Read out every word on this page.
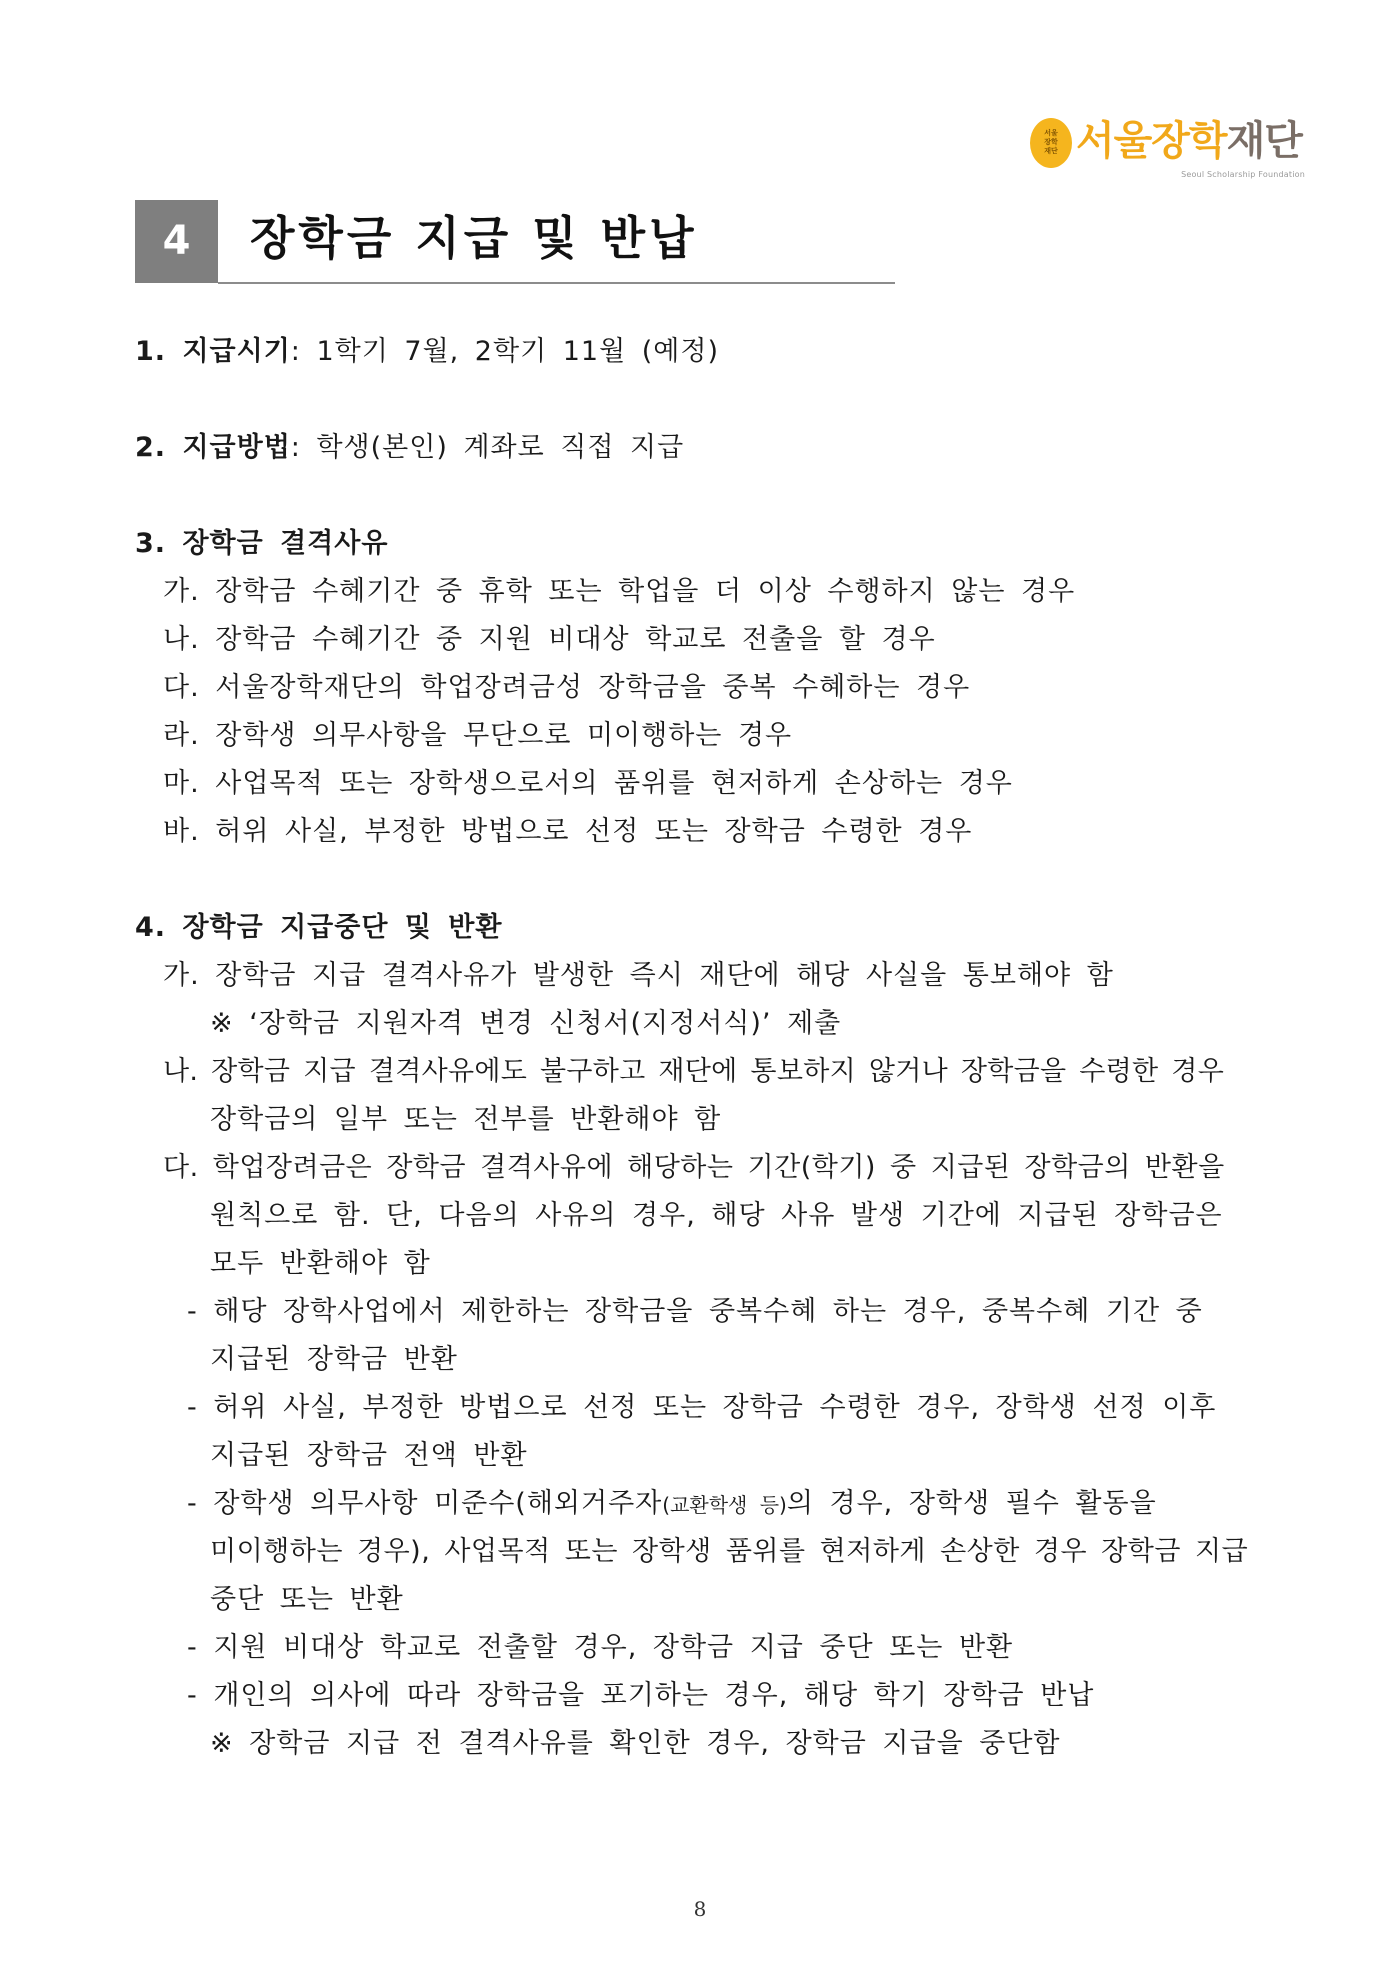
서울
장학
재단 서울장학재단
Seoul Scholarship Foundation
4	장학금 지급 및 반납
1. 지급시기: 1학기 7월, 2학기 11월 (예정)
2. 지급방법: 학생(본인) 계좌로 직접 지급
3. 장학금 결격사유
가. 장학금 수혜기간 중 휴학 또는 학업을 더 이상 수행하지 않는 경우
나. 장학금 수혜기간 중 지원 비대상 학교로 전출을 할 경우
다. 서울장학재단의 학업장려금성 장학금을 중복 수혜하는 경우
라. 장학생 의무사항을 무단으로 미이행하는 경우
마. 사업목적 또는 장학생으로서의 품위를 현저하게 손상하는 경우
바. 허위 사실, 부정한 방법으로 선정 또는 장학금 수령한 경우
4. 장학금 지급중단 및 반환
가. 장학금 지급 결격사유가 발생한 즉시 재단에 해당 사실을 통보해야 함
※ ‘장학금 지원자격 변경 신청서(지정서식)’ 제출
나. 장학금 지급 결격사유에도 불구하고 재단에 통보하지 않거나 장학금을 수령한 경우
장학금의 일부 또는 전부를 반환해야 함
다. 학업장려금은 장학금 결격사유에 해당하는 기간(학기) 중 지급된 장학금의 반환을
원칙으로 함. 단, 다음의 사유의 경우, 해당 사유 발생 기간에 지급된 장학금은
모두 반환해야 함
- 해당 장학사업에서 제한하는 장학금을 중복수혜 하는 경우, 중복수혜 기간 중
지급된 장학금 반환
- 허위 사실, 부정한 방법으로 선정 또는 장학금 수령한 경우, 장학생 선정 이후
지급된 장학금 전액 반환
- 장학생 의무사항 미준수(해외거주자(교환학생 등)의 경우, 장학생 필수 활동을
미이행하는 경우), 사업목적 또는 장학생 품위를 현저하게 손상한 경우 장학금 지급
중단 또는 반환
- 지원 비대상 학교로 전출할 경우, 장학금 지급 중단 또는 반환
- 개인의 의사에 따라 장학금을 포기하는 경우, 해당 학기 장학금 반납
※ 장학금 지급 전 결격사유를 확인한 경우, 장학금 지급을 중단함
8
